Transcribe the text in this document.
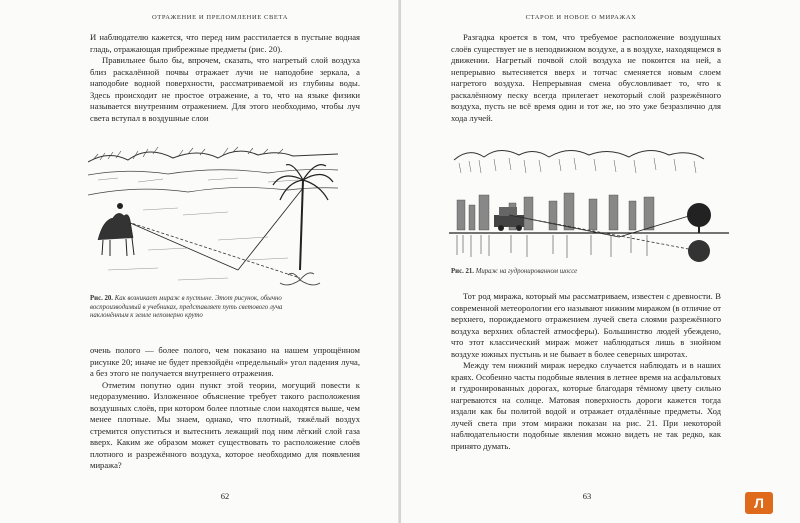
ОТРАЖЕНИЕ И ПРЕЛОМЛЕНИЕ СВЕТА

И наблюдателю кажется, что перед ним расстилается в пустыне водная гладь, отражающая прибрежные предметы (рис. 20).

Правильнее было бы, впрочем, сказать, что нагретый слой воздуха близ раскалённой почвы отражает лучи не наподобие зеркала, а наподобие водной поверхности, рассматриваемой из глубины воды. Здесь происходит не простое отражение, а то, что на языке физики называется внутренним отражением. Для этого необходимо, чтобы луч света вступал в воздушные слои

Рис. 20. Как возникает мираж в пустыне. Этот рисунок, обычно воспроизводимый в учебниках, представляет путь светового луча наклонённым к земле непомерно круто

очень полого — более полого, чем показано на нашем упрощённом рисунке 20; иначе не будет превзойдён «предельный» угол падения луча, а без этого не получается внутреннего отражения.

Отметим попутно один пункт этой теории, могущий повести к недоразумению. Изложенное объяснение требует такого расположения воздушных слоёв, при котором более плотные слои находятся выше, чем менее плотные. Мы знаем, однако, что плотный, тяжёлый воздух стремится опуститься и вытеснить лежащий под ним лёгкий слой газа вверх. Каким же образом может существовать то расположение слоёв плотного и разрежённого воздуха, которое необходимо для появления миража?

62
СТАРОЕ И НОВОЕ О МИРАЖАХ

Разгадка кроется в том, что требуемое расположение воздушных слоёв существует не в неподвижном воздухе, а в воздухе, находящемся в движении. Нагретый почвой слой воздуха не покоится на ней, а непрерывно вытесняется вверх и тотчас сменяется новым слоем нагретого воздуха. Непрерывная смена обусловливает то, что к раскалённому песку всегда прилегает некоторый слой разрежённого воздуха, пусть не всё время один и тот же, но это уже безразлично для хода лучей.

Рис. 21. Мираж на гудронированном шоссе

Тот род миража, который мы рассматриваем, известен с древности. В современной метеорологии его называют нижним миражом (в отличие от верхнего, порождаемого отражением лучей света слоями разрежённого воздуха верхних областей атмосферы). Большинство людей убеждено, что этот классический мираж может наблюдаться лишь в знойном воздухе южных пустынь и не бывает в более северных широтах.

Между тем нижний мираж нередко случается наблюдать и в наших краях. Особенно часты подобные явления в летнее время на асфальтовых и гудронированных дорогах, которые благодаря тёмному цвету сильно нагреваются на солнце. Матовая поверхность дороги кажется тогда издали как бы политой водой и отражает отдалённые предметы. Ход лучей света при этом миражи показан на рис. 21. При некоторой наблюдательности подобные явления можно видеть не так редко, как принято думать.

63	Л
